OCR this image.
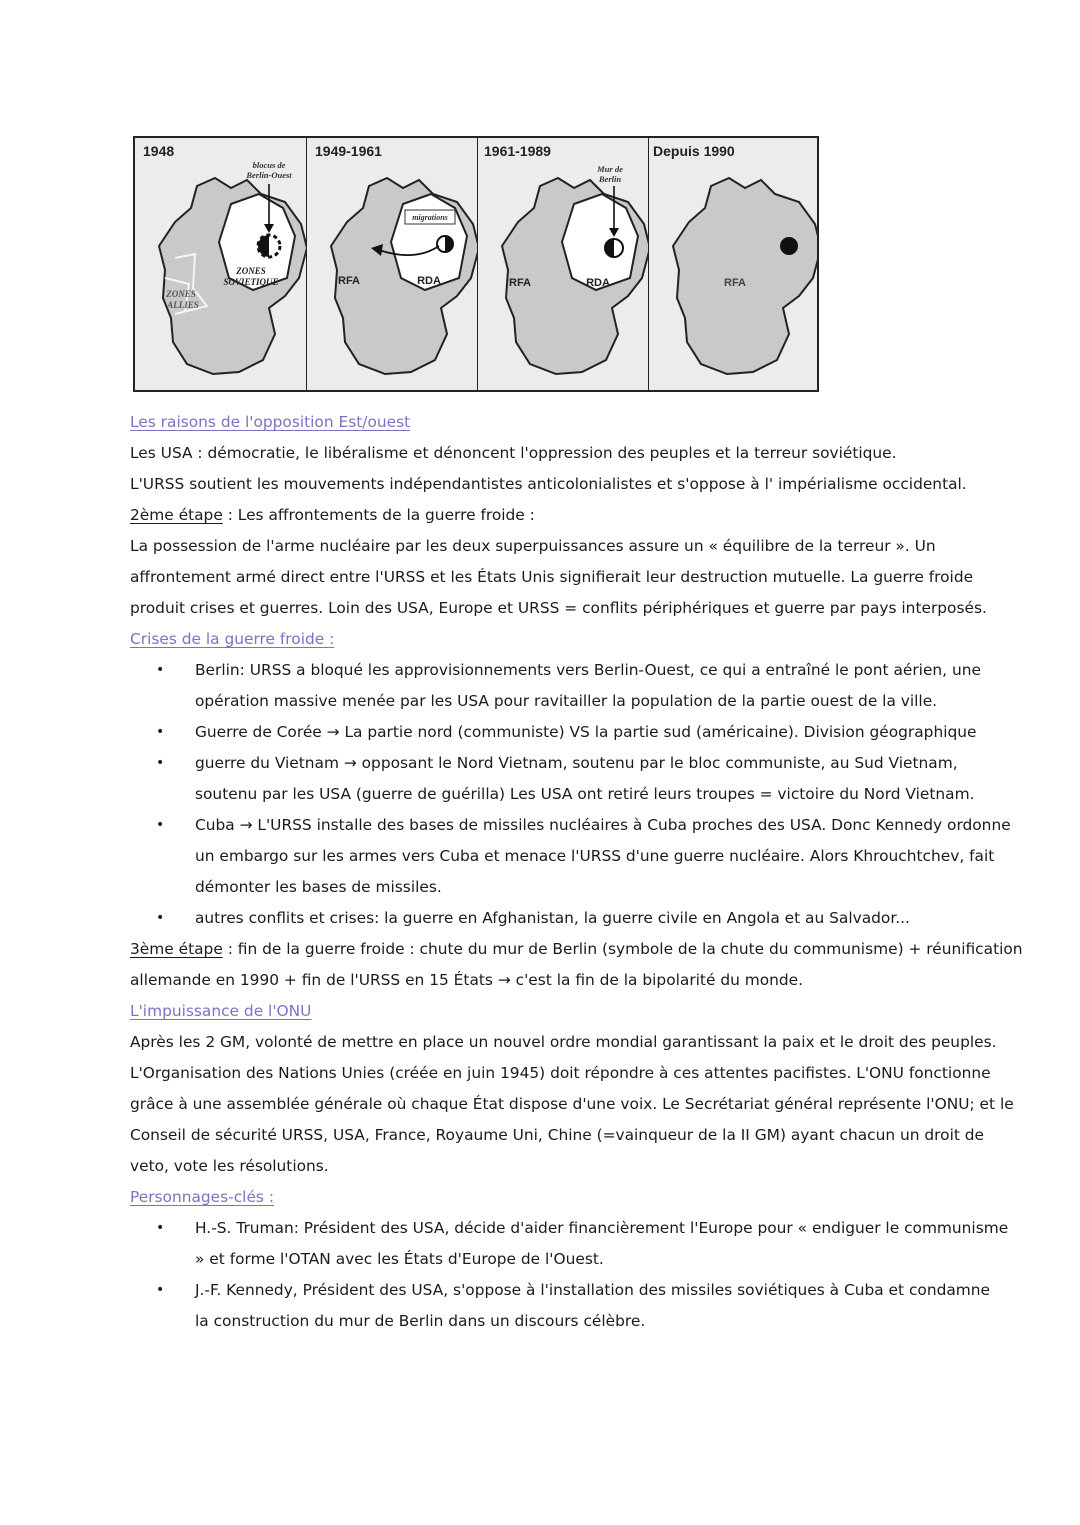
1948
blocus de
Berlin-Ouest
ZONES
SOVIETIQUE
ZONES
ALLIES
1949-1961
migrations
RFA	RDA
1961-1989
Mur de
Berlin
RFA	RDA
Depuis 1990
RFA
Les raisons de l'opposition Est/ouest
Les USA : démocratie, le libéralisme et dénoncent l'oppression des peuples et la terreur soviétique.
L'URSS soutient les mouvements indépendantistes anticolonialistes et s'oppose à l' impérialisme occidental.
2ème étape : Les affrontements de la guerre froide :
La possession de l'arme nucléaire par les deux superpuissances assure un « équilibre de la terreur ». Un
affrontement armé direct entre l'URSS et les États Unis signifierait leur destruction mutuelle. La guerre froide
produit crises et guerres. Loin des USA, Europe et URSS = conflits périphériques et guerre par pays interposés.
Crises de la guerre froide :
• Berlin: URSS a bloqué les approvisionnements vers Berlin-Ouest, ce qui a entraîné le pont aérien, une
opération massive menée par les USA pour ravitailler la population de la partie ouest de la ville.
• Guerre de Corée → La partie nord (communiste) VS la partie sud (américaine). Division géographique
• guerre du Vietnam → opposant le Nord Vietnam, soutenu par le bloc communiste, au Sud Vietnam,
soutenu par les USA (guerre de guérilla) Les USA ont retiré leurs troupes = victoire du Nord Vietnam.
• Cuba → L'URSS installe des bases de missiles nucléaires à Cuba proches des USA. Donc Kennedy ordonne
un embargo sur les armes vers Cuba et menace l'URSS d'une guerre nucléaire. Alors Khrouchtchev, fait
démonter les bases de missiles.
• autres conflits et crises: la guerre en Afghanistan, la guerre civile en Angola et au Salvador...
3ème étape : fin de la guerre froide : chute du mur de Berlin (symbole de la chute du communisme) + réunification
allemande en 1990 + fin de l'URSS en 15 États → c'est la fin de la bipolarité du monde.
L'impuissance de l'ONU
Après les 2 GM, volonté de mettre en place un nouvel ordre mondial garantissant la paix et le droit des peuples.
L'Organisation des Nations Unies (créée en juin 1945) doit répondre à ces attentes pacifistes. L'ONU fonctionne
grâce à une assemblée générale où chaque État dispose d'une voix. Le Secrétariat général représente l'ONU; et le
Conseil de sécurité URSS, USA, France, Royaume Uni, Chine (=vainqueur de la II GM) ayant chacun un droit de
veto, vote les résolutions.
Personnages-clés :
• H.-S. Truman: Président des USA, décide d'aider financièrement l'Europe pour « endiguer le communisme
» et forme l'OTAN avec les États d'Europe de l'Ouest.
• J.-F. Kennedy, Président des USA, s'oppose à l'installation des missiles soviétiques à Cuba et condamne
la construction du mur de Berlin dans un discours célèbre.
